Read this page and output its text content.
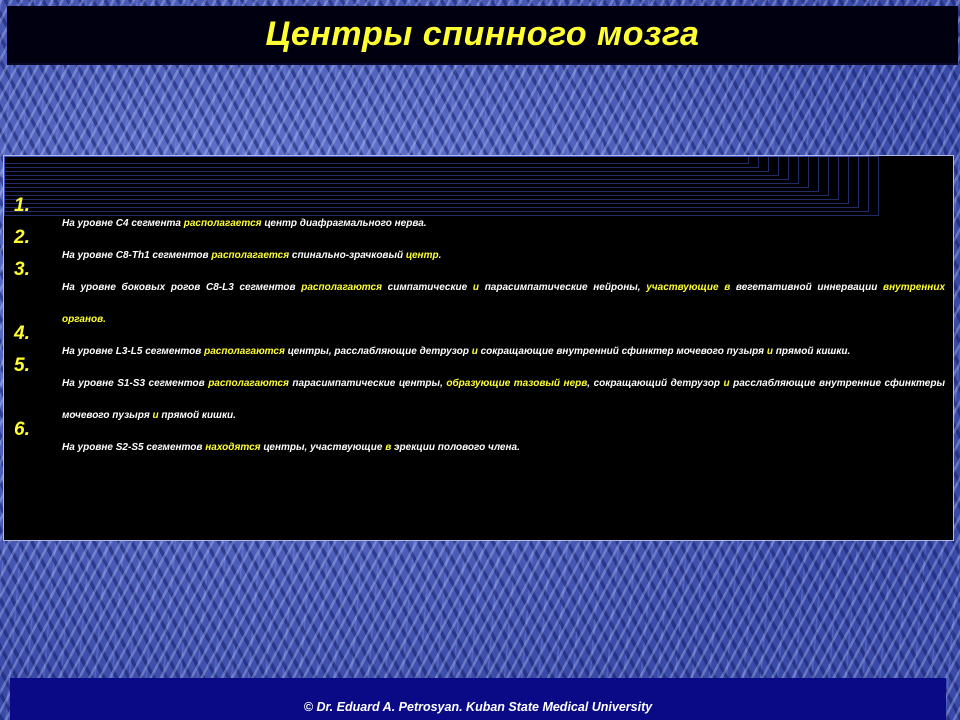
Центры спинного мозга
1.
На уровне С4 сегмента располагается центр диафрагмального нерва.
2.
На уровне С8-Th1 сегментов располагается спинально-зрачковый центр.
3.
На уровне боковых рогов С8-L3 сегментов располагаются симпатические и парасимпатические нейроны, участвующие в вегетативной иннервации внутренних органов.
4.
На уровне L3-L5 сегментов располагаются центры, расслабляющие детрузор и сокращающие внутренний сфинктер мочевого пузыря и прямой кишки.
5.
На уровне S1-S3 сегментов располагаются парасимпатические центры, образующие тазовый нерв, сокращающий детрузор и расслабляющие внутренние сфинктеры мочевого пузыря и прямой кишки.
6.
На уровне S2-S5 сегментов находятся центры, участвующие в эрекции полового члена.
© Dr. Eduard A. Petrosyan. Kuban State Medical University
